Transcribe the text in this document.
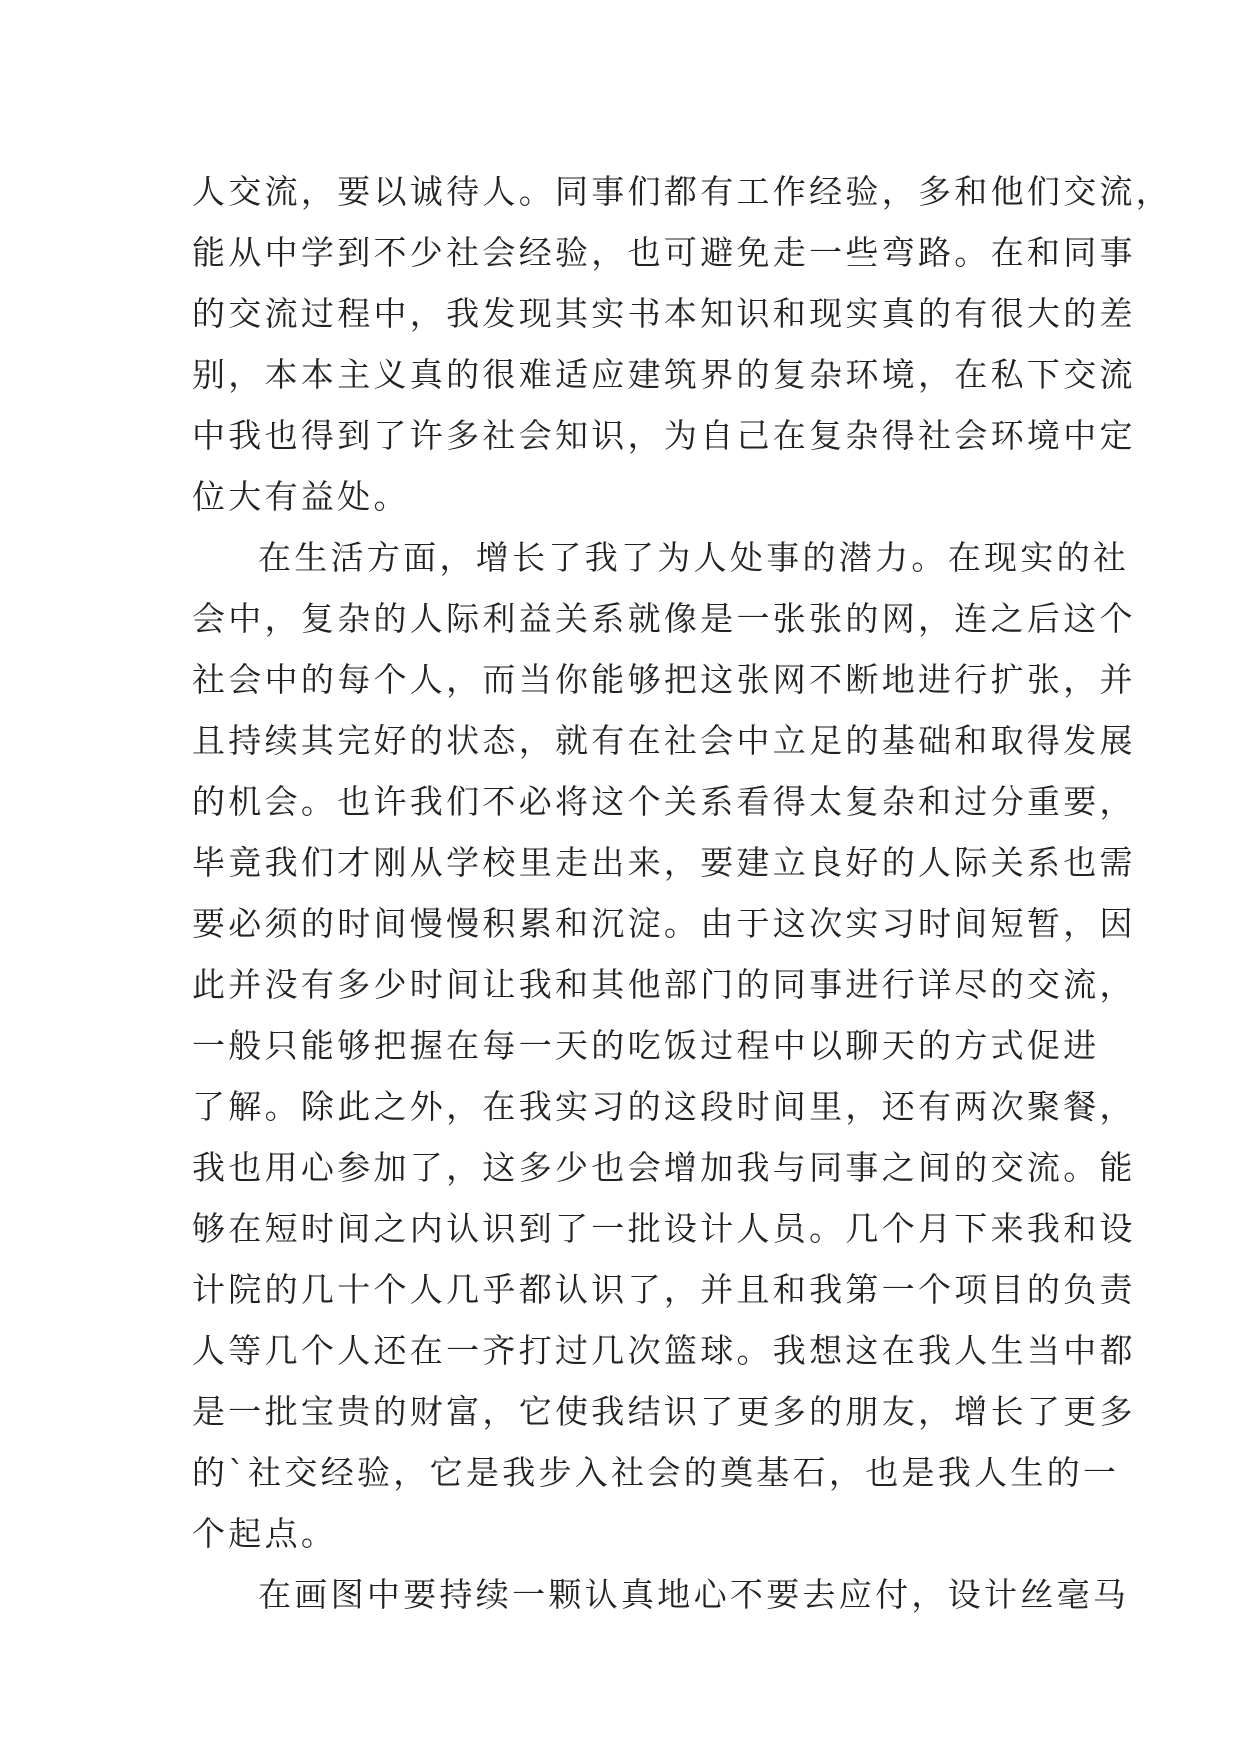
人交流，要以诚待人。同事们都有工作经验，多和他们交流，
能从中学到不少社会经验，也可避免走一些弯路。在和同事
的交流过程中，我发现其实书本知识和现实真的有很大的差
别，本本主义真的很难适应建筑界的复杂环境，在私下交流
中我也得到了许多社会知识，为自己在复杂得社会环境中定
位大有益处。
在生活方面，增长了我了为人处事的潜力。在现实的社
会中，复杂的人际利益关系就像是一张张的网，连之后这个
社会中的每个人，而当你能够把这张网不断地进行扩张，并
且持续其完好的状态，就有在社会中立足的基础和取得发展
的机会。也许我们不必将这个关系看得太复杂和过分重要，
毕竟我们才刚从学校里走出来，要建立良好的人际关系也需
要必须的时间慢慢积累和沉淀。由于这次实习时间短暂，因
此并没有多少时间让我和其他部门的同事进行详尽的交流，
一般只能够把握在每一天的吃饭过程中以聊天的方式促进
了解。除此之外，在我实习的这段时间里，还有两次聚餐，
我也用心参加了，这多少也会增加我与同事之间的交流。能
够在短时间之内认识到了一批设计人员。几个月下来我和设
计院的几十个人几乎都认识了，并且和我第一个项目的负责
人等几个人还在一齐打过几次篮球。我想这在我人生当中都
是一批宝贵的财富，它使我结识了更多的朋友，增长了更多
的`社交经验，它是我步入社会的奠基石，也是我人生的一
个起点。
在画图中要持续一颗认真地心不要去应付，设计丝毫马
